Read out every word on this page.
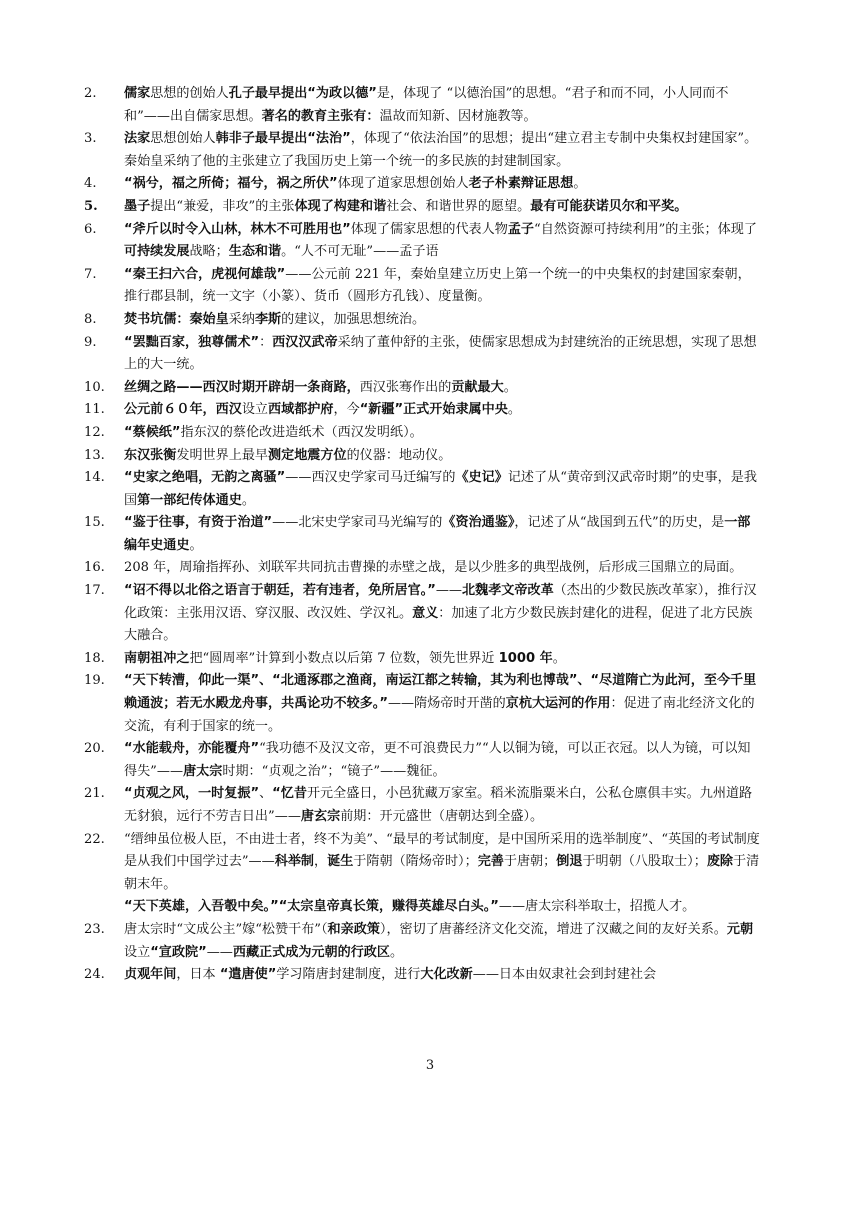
2.	儒家思想的创始人孔子最早提出“为政以德”是，体现了 “以德治国”的思想。“君子和而不同，小人同而不和”——出自儒家思想。著名的教育主张有：温故而知新、因材施教等。
3.	法家思想创始人韩非子最早提出“法治”，体现了“依法治国”的思想；提出“建立君主专制中央集权封建国家”。秦始皇采纳了他的主张建立了我国历史上第一个统一的多民族的封建制国家。
4.	“祸兮，福之所倚；福兮，祸之所伏”体现了道家思想创始人老子朴素辩证思想。
5.	墨子提出“兼爱，非攻”的主张体现了构建和谐社会、和谐世界的愿望。最有可能获诺贝尔和平奖。
6.	“斧斤以时令入山林，林木不可胜用也”体现了儒家思想的代表人物孟子“自然资源可持续利用”的主张；体现了可持续发展战略；生态和谐。“人不可无耻”——孟子语
7.	“秦王扫六合，虎视何雄哉”——公元前 221 年，秦始皇建立历史上第一个统一的中央集权的封建国家秦朝，推行郡县制，统一文字（小篆）、货币（圆形方孔钱）、度量衡。
8.	焚书坑儒：秦始皇采纳李斯的建议，加强思想统治。
9.	“罢黜百家，独尊儒术”：西汉汉武帝采纳了董仲舒的主张，使儒家思想成为封建统治的正统思想，实现了思想上的大一统。
10.	丝绸之路——西汉时期开辟胡一条商路，西汉张骞作出的贡献最大。
11.	公元前６０年，西汉设立西域都护府，今“新疆”正式开始隶属中央。
12.	“蔡候纸”指东汉的蔡伦改进造纸术（西汉发明纸）。
13.	东汉张衡发明世界上最早测定地震方位的仪器：地动仪。
14.	“史家之绝唱，无韵之离骚”——西汉史学家司马迁编写的《史记》记述了从“黄帝到汉武帝时期”的史事，是我国第一部纪传体通史。
15.	“鉴于往事，有资于治道”——北宋史学家司马光编写的《资治通鉴》，记述了从“战国到五代”的历史，是一部编年史通史。
16.	208 年，周瑜指挥孙、刘联军共同抗击曹操的赤壁之战，是以少胜多的典型战例，后形成三国鼎立的局面。
17.	“诏不得以北俗之语言于朝廷，若有违者，免所居官。”——北魏孝文帝改革（杰出的少数民族改革家），推行汉化政策：主张用汉语、穿汉服、改汉姓、学汉礼。意义：加速了北方少数民族封建化的进程，促进了北方民族大融合。
18.	南朝祖冲之把“圆周率”计算到小数点以后第 7 位数，领先世界近 1000 年。
19.	“天下转漕，仰此一渠”、“北通涿郡之渔商，南运江都之转输，其为利也博哉”、“尽道隋亡为此河，至今千里赖通波；若无水殿龙舟事，共禹论功不较多。”——隋炀帝时开凿的京杭大运河的作用：促进了南北经济文化的交流，有利于国家的统一。
20.	“水能载舟，亦能覆舟”“我功德不及汉文帝，更不可浪费民力”“人以铜为镜，可以正衣冠。以人为镜，可以知得失”——唐太宗时期：“贞观之治”；“镜子”——魏征。
21.	“贞观之风，一时复振”、“忆昔开元全盛日，小邑犹藏万家室。稻米流脂粟米白，公私仓廪俱丰实。九州道路无豺狼，远行不劳吉日出”——唐玄宗前期：开元盛世（唐朝达到全盛）。
22.	“缙绅虽位极人臣，不由进士者，终不为美”、“最早的考试制度，是中国所采用的选举制度”、“英国的考试制度是从我们中国学过去”——科举制，诞生于隋朝（隋炀帝时）；完善于唐朝；倒退于明朝（八股取士）；废除于清朝末年。
“天下英雄，入吾彀中矣。”“太宗皇帝真长策，赚得英雄尽白头。”——唐太宗科举取士，招揽人才。
23.	唐太宗时“文成公主”嫁“松赞干布”（和亲政策），密切了唐蕃经济文化交流，增进了汉藏之间的友好关系。元朝设立“宣政院”——西藏正式成为元朝的行政区。
24.	贞观年间，日本 “遣唐使”学习隋唐封建制度，进行大化改新——日本由奴隶社会到封建社会
3
